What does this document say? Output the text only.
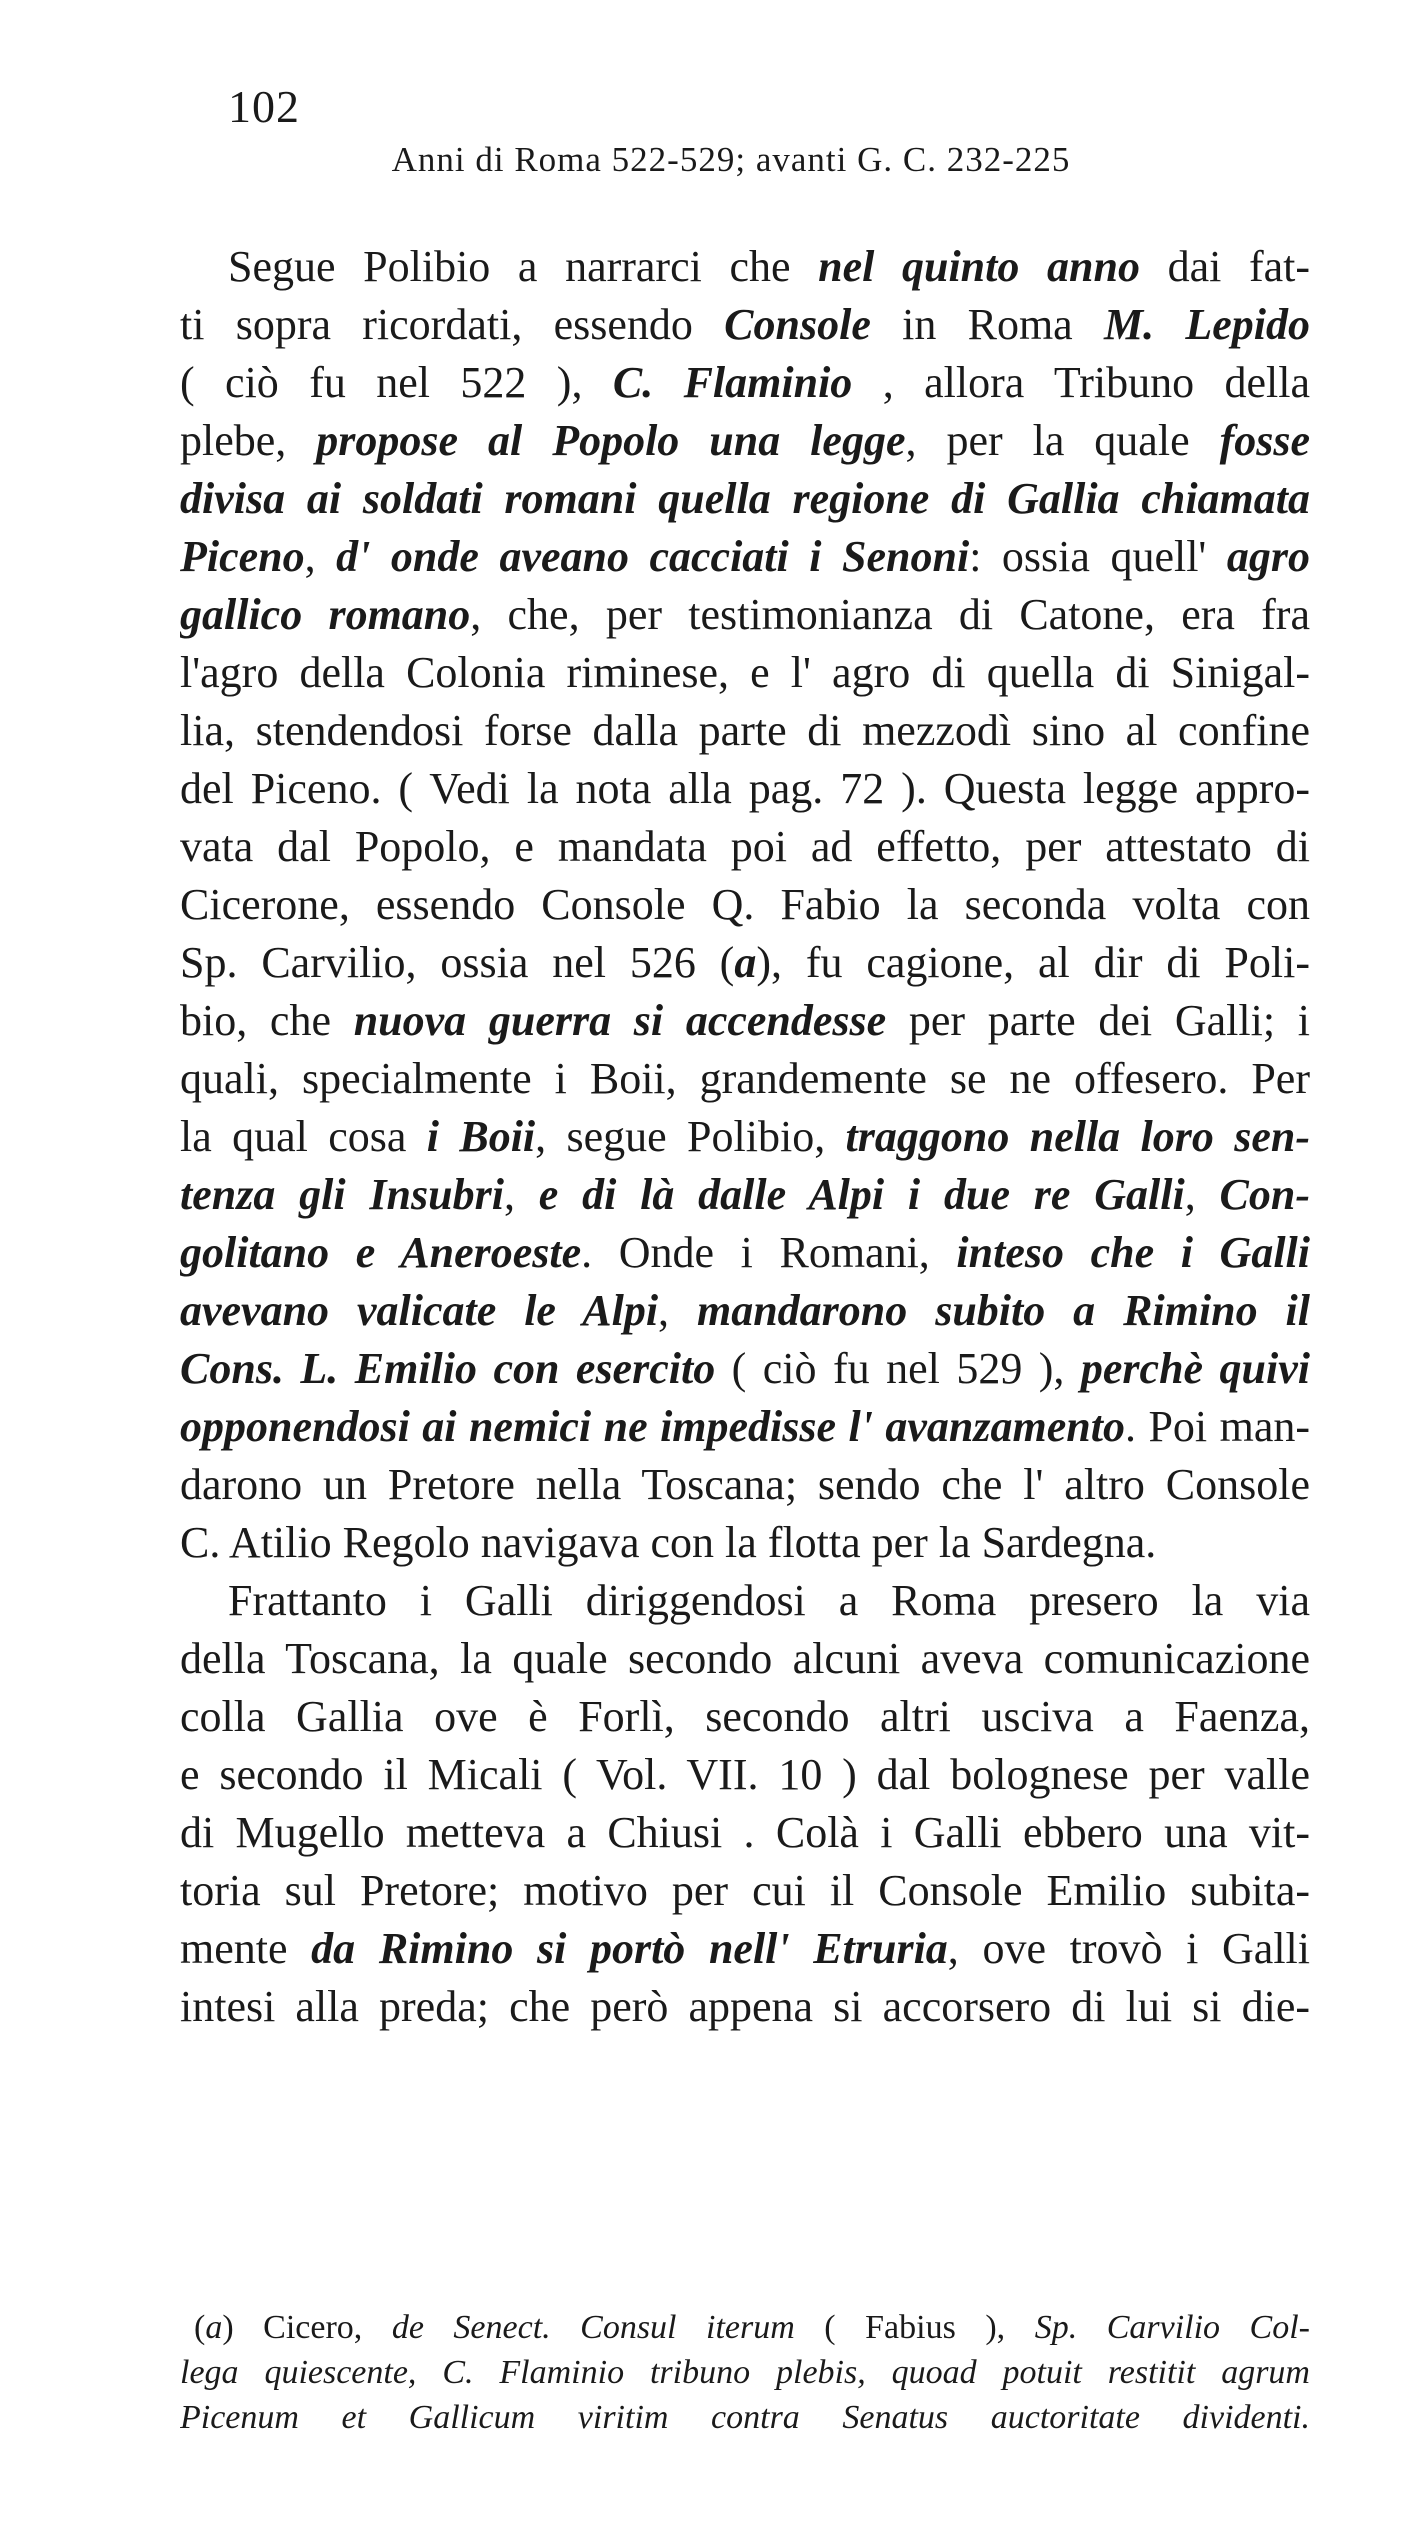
102
Anni di Roma 522-529; avanti G. C. 232-225
Segue Polibio a narrarci che nel quinto anno dai fat-
ti sopra ricordati, essendo Console in Roma M. Lepido
( ciò fu nel 522 ), C. Flaminio , allora Tribuno della
plebe, propose al Popolo una legge, per la quale fosse
divisa ai soldati romani quella regione di Gallia chiamata
Piceno, d' onde aveano cacciati i Senoni: ossia quell' agro
gallico romano, che, per testimonianza di Catone, era fra
l'agro della Colonia riminese, e l' agro di quella di Sinigal-
lia, stendendosi forse dalla parte di mezzodì sino al confine
del Piceno. ( Vedi la nota alla pag. 72 ). Questa legge appro-
vata dal Popolo, e mandata poi ad effetto, per attestato di
Cicerone, essendo Console Q. Fabio la seconda volta con
Sp. Carvilio, ossia nel 526 (a), fu cagione, al dir di Poli-
bio, che nuova guerra si accendesse per parte dei Galli; i
quali, specialmente i Boii, grandemente se ne offesero. Per
la qual cosa i Boii, segue Polibio, traggono nella loro sen-
tenza gli Insubri, e di là dalle Alpi i due re Galli, Con-
golitano e Aneroeste. Onde i Romani, inteso che i Galli
avevano valicate le Alpi, mandarono subito a Rimino il
Cons. L. Emilio con esercito ( ciò fu nel 529 ), perchè quivi
opponendosi ai nemici ne impedisse l' avanzamento. Poi man-
darono un Pretore nella Toscana; sendo che l' altro Console
C. Atilio Regolo navigava con la flotta per la Sardegna.
Frattanto i Galli diriggendosi a Roma presero la via
della Toscana, la quale secondo alcuni aveva comunicazione
colla Gallia ove è Forlì, secondo altri usciva a Faenza,
e secondo il Micali ( Vol. VII. 10 ) dal bolognese per valle
di Mugello metteva a Chiusi . Colà i Galli ebbero una vit-
toria sul Pretore; motivo per cui il Console Emilio subita-
mente da Rimino si portò nell' Etruria, ove trovò i Galli
intesi alla preda; che però appena si accorsero di lui si die-
(a) Cicero, de Senect. Consul iterum ( Fabius ), Sp. Carvilio Col-
lega quiescente, C. Flaminio tribuno plebis, quoad potuit restitit agrum
Picenum et Gallicum viritim contra Senatus auctoritate dividenti.
